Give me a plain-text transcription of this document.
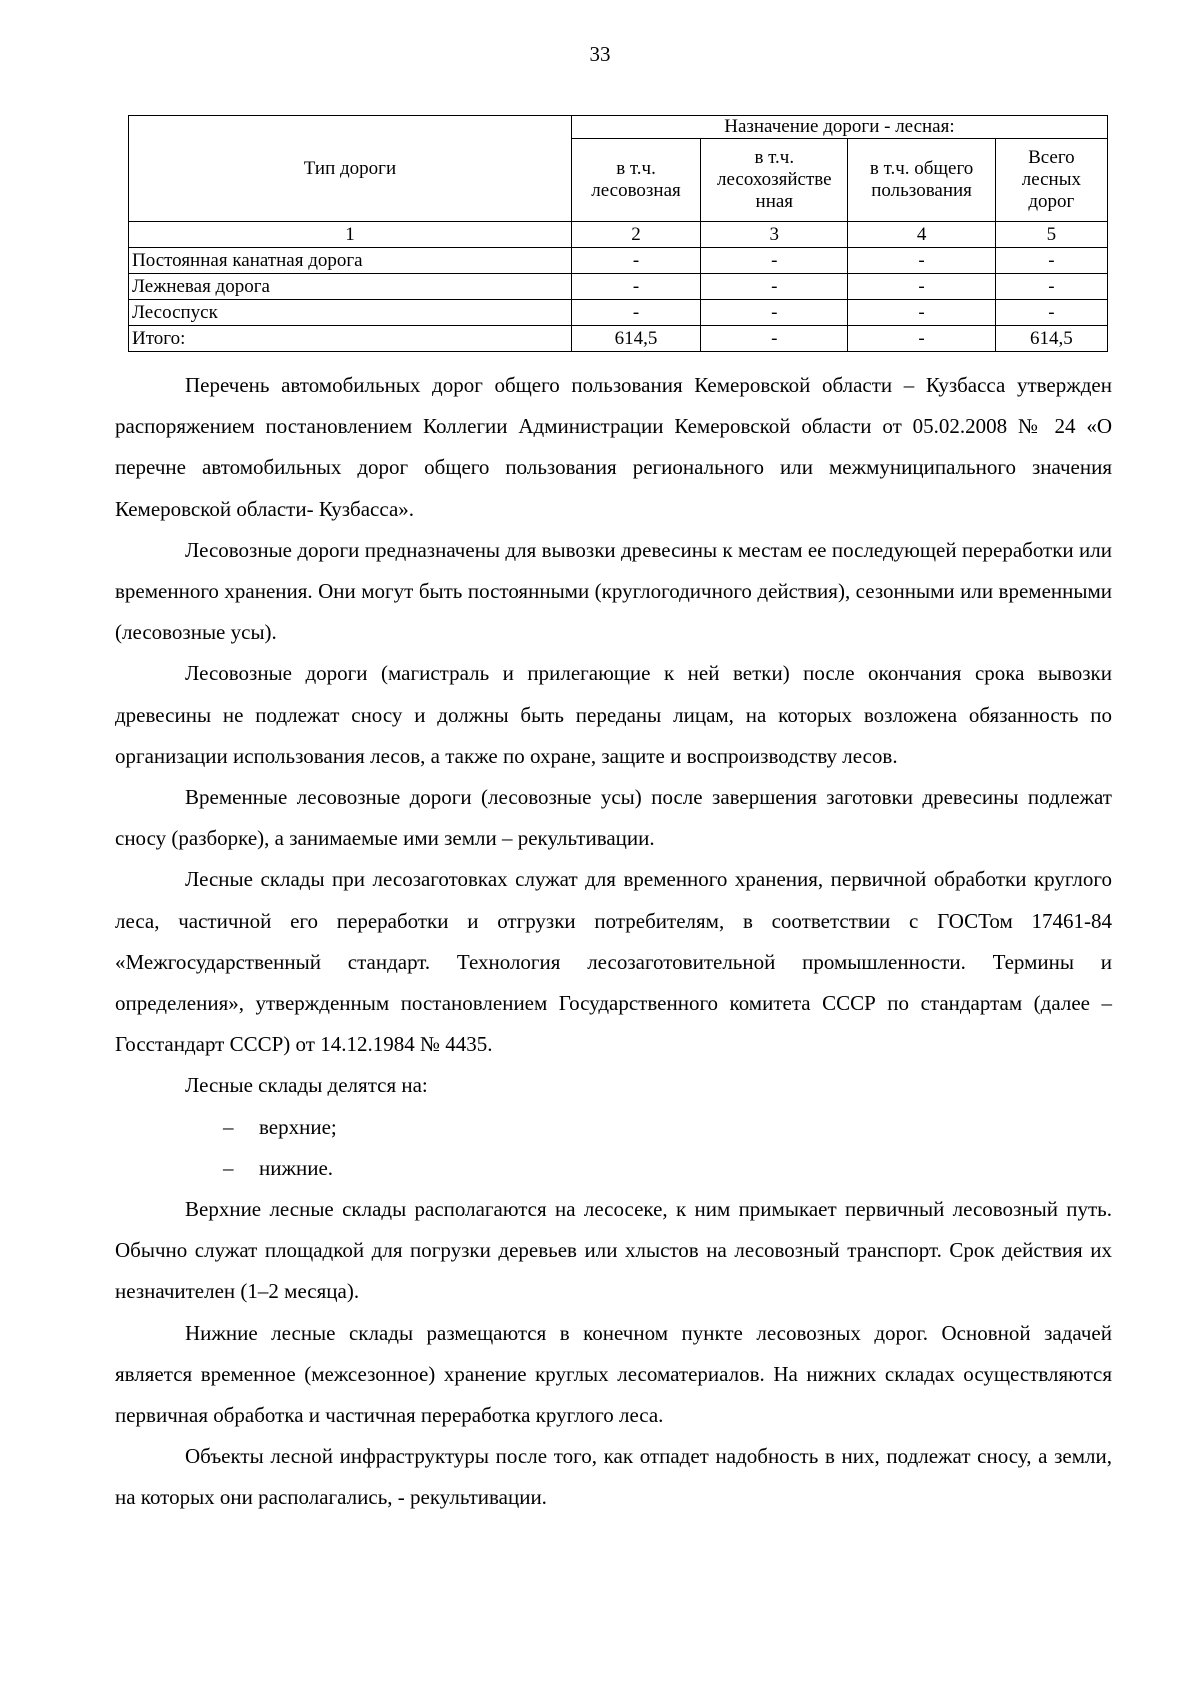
33
Тип дороги	Назначение дороги - лесная:			
	в т.ч. лесовозная	в т.ч. лесохозяйстве нная	в т.ч. общего пользования	Всего лесных дорог
1	2	3	4	5
Постоянная канатная дорога	-	-	-	-
Лежневая дорога	-	-	-	-
Лесоспуск	-	-	-	-
Итого:	614,5	-	-	614,5

Перечень автомобильных дорог общего пользования Кемеровской области – Кузбасса утвержден распоряжением постановлением Коллегии Администрации Кемеровской области от 05.02.2008 № 24 «О перечне автомобильных дорог общего пользования регионального или межмуниципального значения Кемеровской области- Кузбасса».

Лесовозные дороги предназначены для вывозки древесины к местам ее последующей переработки или временного хранения. Они могут быть постоянными (круглогодичного действия), сезонными или временными (лесовозные усы).

Лесовозные дороги (магистраль и прилегающие к ней ветки) после окончания срока вывозки древесины не подлежат сносу и должны быть переданы лицам, на которых возложена обязанность по организации использования лесов, а также по охране, защите и воспроизводству лесов.

Временные лесовозные дороги (лесовозные усы) после завершения заготовки древесины подлежат сносу (разборке), а занимаемые ими земли – рекультивации.

Лесные склады при лесозаготовках служат для временного хранения, первичной обработки круглого леса, частичной его переработки и отгрузки потребителям, в соответствии с ГОСТом 17461-84 «Межгосударственный стандарт. Технология лесозаготовительной промышленности. Термины и определения», утвержденным постановлением Государственного комитета СССР по стандартам (далее – Госстандарт СССР) от 14.12.1984 № 4435.

Лесные склады делятся на:

– верхние;
– нижние.

Верхние лесные склады располагаются на лесосеке, к ним примыкает первичный лесовозный путь. Обычно служат площадкой для погрузки деревьев или хлыстов на лесовозный транспорт. Срок действия их незначителен (1–2 месяца).

Нижние лесные склады размещаются в конечном пункте лесовозных дорог. Основной задачей является временное (межсезонное) хранение круглых лесоматериалов. На нижних складах осуществляются первичная обработка и частичная переработка круглого леса.

Объекты лесной инфраструктуры после того, как отпадет надобность в них, подлежат сносу, а земли, на которых они располагались, - рекультивации.
